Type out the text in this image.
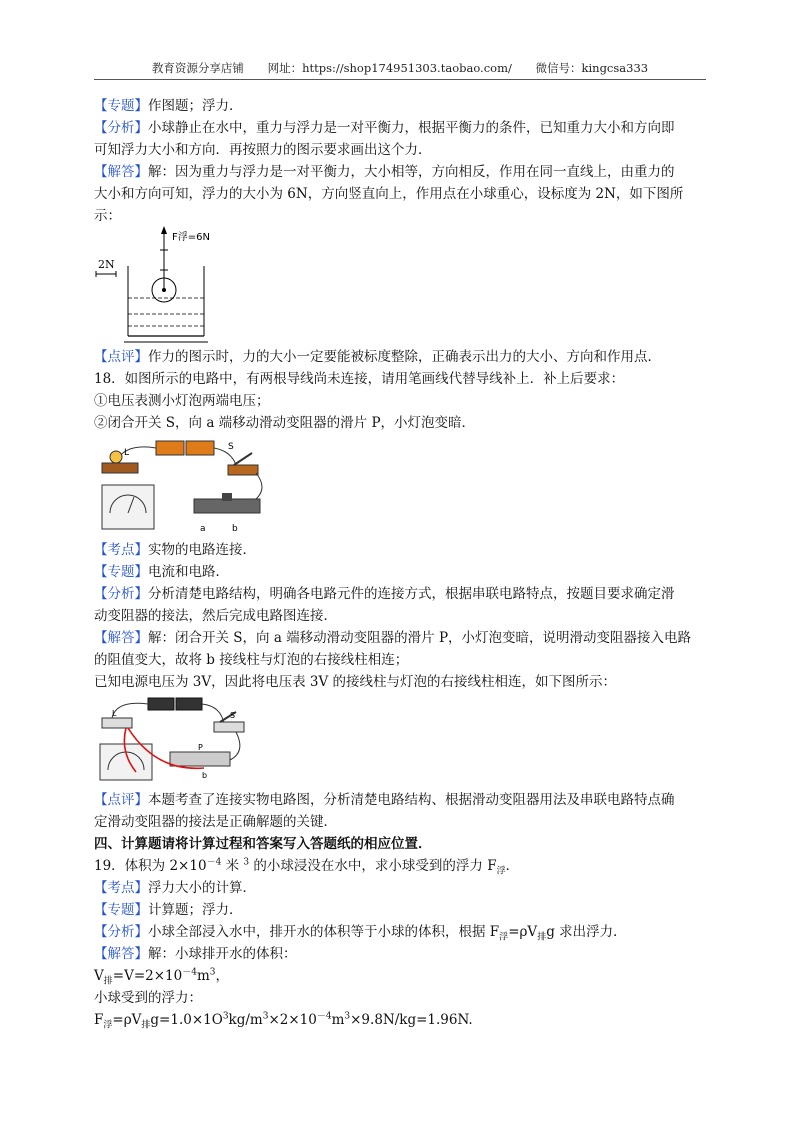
教育资源分享店铺 网址：https://shop174951303.taobao.com/ 微信号：kingcsa333
【专题】作图题；浮力．
【分析】小球静止在水中，重力与浮力是一对平衡力，根据平衡力的条件，已知重力大小和方向即
可知浮力大小和方向．再按照力的图示要求画出这个力．
【解答】解：因为重力与浮力是一对平衡力，大小相等，方向相反，作用在同一直线上，由重力的
大小和方向可知，浮力的大小为 6N，方向竖直向上，作用点在小球重心，设标度为 2N，如下图所
示：
2N
F浮=6N
【点评】作力的图示时，力的大小一定要能被标度整除，正确表示出力的大小、方向和作用点．
18．如图所示的电路中，有两根导线尚未连接，请用笔画线代替导线补上．补上后要求：
①电压表测小灯泡两端电压；
②闭合开关 S，向 a 端移动滑动变阻器的滑片 P，小灯泡变暗．
L
S
a	b
【考点】实物的电路连接．
【专题】电流和电路．
【分析】分析清楚电路结构，明确各电路元件的连接方式，根据串联电路特点，按题目要求确定滑
动变阻器的接法，然后完成电路图连接．
【解答】解：闭合开关 S，向 a 端移动滑动变阻器的滑片 P，小灯泡变暗，说明滑动变阻器接入电路
的阻值变大，故将 b 接线柱与灯泡的右接线柱相连；
已知电源电压为 3V，因此将电压表 3V 的接线柱与灯泡的右接线柱相连，如下图所示：
L	S
P
b
【点评】本题考查了连接实物电路图，分析清楚电路结构、根据滑动变阻器用法及串联电路特点确
定滑动变阻器的接法是正确解题的关键．
四、计算题请将计算过程和答案写入答题纸的相应位置．
19．体积为 $2\times 10^{-4}$ 米 $^3$ 的小球浸没在水中，求小球受到的浮力 $F_浮$．
【考点】浮力大小的计算．
【专题】计算题；浮力．
【分析】小球全部浸入水中，排开水的体积等于小球的体积，根据 $F_浮=\rho V_排g$ 求出浮力．
【解答】解：小球排开水的体积：
$V_排=V=2\times 10^{-4}m^3$，
小球受到的浮力：
$F_浮=\rho V_排g=1.0\times 1O^3kg/m^3\times 2\times 10^{-4}m^3\times 9.8N/kg=1.96N$.
